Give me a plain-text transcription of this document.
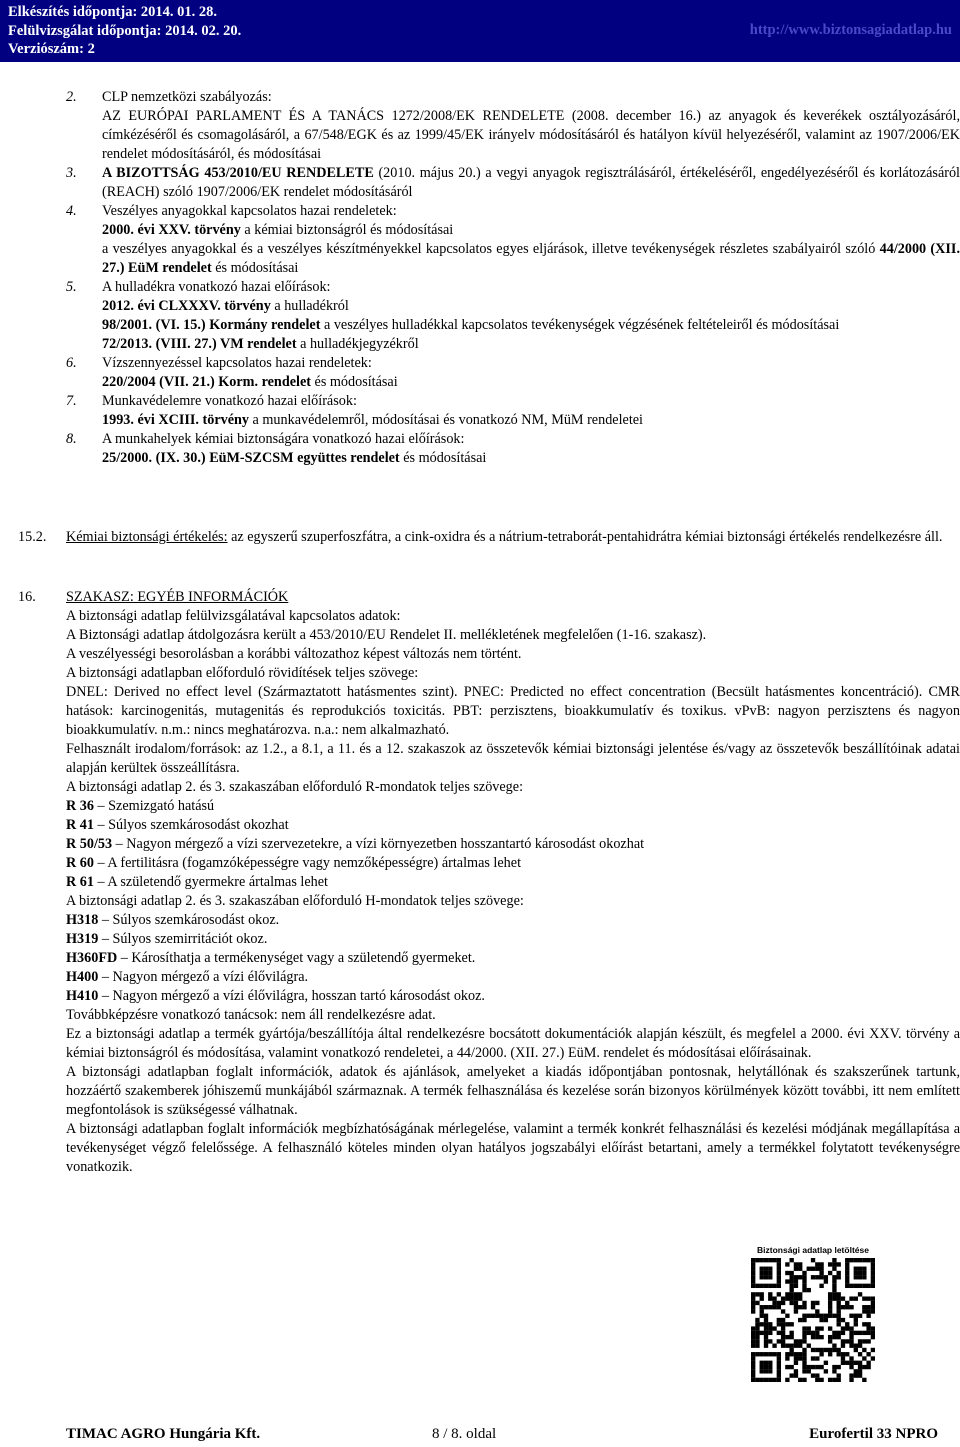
Elkészítés időpontja: 2014. 01. 28.
Felülvizsgálat időpontja: 2014. 02. 20.
Verziószám: 2
http://www.biztonsagiadatlap.hu
2. CLP nemzetközi szabályozás:
AZ EURÓPAI PARLAMENT ÉS A TANÁCS 1272/2008/EK RENDELETE (2008. december 16.) az anyagok és keverékek osztályozásáról, címkézéséről és csomagolásáról, a 67/548/EGK és az 1999/45/EK irányelv módosításáról és hatályon kívül helyezéséről, valamint az 1907/2006/EK rendelet módosításáról, és módosításai
3. A BIZOTTSÁG 453/2010/EU RENDELETE (2010. május 20.) a vegyi anyagok regisztrálásáról, értékeléséről, engedélyezéséről és korlátozásáról (REACH) szóló 1907/2006/EK rendelet módosításáról
4. Veszélyes anyagokkal kapcsolatos hazai rendeletek:
2000. évi XXV. törvény a kémiai biztonságról és módosításai
a veszélyes anyagokkal és a veszélyes készítményekkel kapcsolatos egyes eljárások, illetve tevékenységek részletes szabályairól szóló 44/2000 (XII. 27.) EüM rendelet és módosításai
5. A hulladékra vonatkozó hazai előírások:
2012. évi CLXXXV. törvény a hulladékról
98/2001. (VI. 15.) Kormány rendelet a veszélyes hulladékkal kapcsolatos tevékenységek végzésének feltételeiről és módosításai
72/2013. (VIII. 27.) VM rendelet a hulladékjegyzékről
6. Vízszennyezéssel kapcsolatos hazai rendeletek:
220/2004 (VII. 21.) Korm. rendelet és módosításai
7. Munkavédelemre vonatkozó hazai előírások:
1993. évi XCIII. törvény a munkavédelemről, módosításai és vonatkozó NM, MüM rendeletei
8. A munkahelyek kémiai biztonságára vonatkozó hazai előírások:
25/2000. (IX. 30.) EüM-SZCSM együttes rendelet és módosításai
15.2. Kémiai biztonsági értékelés: az egyszerű szuperfoszfátra, a cink-oxidra és a nátrium-tetraborát-pentahidrátra kémiai biztonsági értékelés rendelkezésre áll.
16. SZAKASZ: EGYÉB INFORMÁCIÓK
A biztonsági adatlap felülvizsgálatával kapcsolatos adatok:
A Biztonsági adatlap átdolgozásra került a 453/2010/EU Rendelet II. mellékletének megfelelően (1-16. szakasz).
A veszélyességi besorolásban a korábbi változathoz képest változás nem történt.
A biztonsági adatlapban előforduló rövidítések teljes szövege:
DNEL: Derived no effect level (Származtatott hatásmentes szint). PNEC: Predicted no effect concentration (Becsült hatásmentes koncentráció). CMR hatások: karcinogenitás, mutagenitás és reprodukciós toxicitás. PBT: perzisztens, bioakkumulatív és toxikus. vPvB: nagyon perzisztens és nagyon bioakkumulatív. n.m.: nincs meghatározva. n.a.: nem alkalmazható.
Felhasznált irodalom/források: az 1.2., a 8.1, a 11. és a 12. szakaszok az összetevők kémiai biztonsági jelentése és/vagy az összetevők beszállítóinak adatai alapján kerültek összeállításra.
A biztonsági adatlap 2. és 3. szakaszában előforduló R-mondatok teljes szövege:
R 36 – Szemizgató hatású
R 41 – Súlyos szemkárosodást okozhat
R 50/53 – Nagyon mérgező a vízi szervezetekre, a vízi környezetben hosszantartó károsodást okozhat
R 60 – A fertilitásra (fogamzóképességre vagy nemzőképességre) ártalmas lehet
R 61 – A születendő gyermekre ártalmas lehet
A biztonsági adatlap 2. és 3. szakaszában előforduló H-mondatok teljes szövege:
H318 – Súlyos szemkárosodást okoz.
H319 – Súlyos szemirritációt okoz.
H360FD – Károsíthatja a termékenységet vagy a születendő gyermeket.
H400 – Nagyon mérgező a vízi élővilágra.
H410 – Nagyon mérgező a vízi élővilágra, hosszan tartó károsodást okoz.
Továbbképzésre vonatkozó tanácsok: nem áll rendelkezésre adat.
Ez a biztonsági adatlap a termék gyártója/beszállítója által rendelkezésre bocsátott dokumentációk alapján készült, és megfelel a 2000. évi XXV. törvény a kémiai biztonságról és módosítása, valamint vonatkozó rendeletei, a 44/2000. (XII. 27.) EüM. rendelet és módosításai előírásainak.
A biztonsági adatlapban foglalt információk, adatok és ajánlások, amelyeket a kiadás időpontjában pontosnak, helytállónak és szakszerűnek tartunk, hozzáértő szakemberek jóhiszemű munkájából származnak. A termék felhasználása és kezelése során bizonyos körülmények között további, itt nem említett megfontolások is szükségessé válhatnak.
A biztonsági adatlapban foglalt információk megbízhatóságának mérlegelése, valamint a termék konkrét felhasználási és kezelési módjának megállapítása a tevékenységet végző felelőssége. A felhasználó köteles minden olyan hatályos jogszabályi előírást betartani, amely a termékkel folytatott tevékenységre vonatkozik.
Biztonsági adatlap letöltése
TIMAC AGRO Hungária Kft.	8 / 8. oldal	Eurofertil 33 NPRO
